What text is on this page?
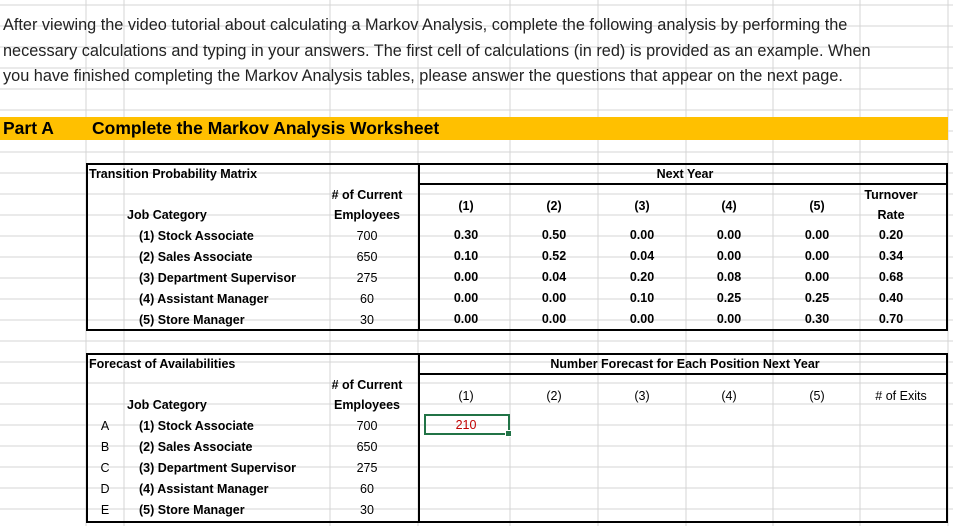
After viewing the video tutorial about calculating a Markov Analysis, complete the following analysis by performing the
necessary calculations and typing in your answers. The first cell of calculations (in red) is provided as an example. When
you have finished completing the Markov Analysis tables, please answer the questions that appear on the next page.
Part A Complete the Markov Analysis Worksheet
Transition Probability Matrix	Next Year
Job Category
# of Current
Employees
Turnover
Rate
(1)	(2)	(3)	(4)	(5)
(1) Stock Associate	700	0.30	0.50	0.00	0.00	0.00	0.20
(2) Sales Associate	650	0.10	0.52	0.04	0.00	0.00	0.34
(3) Department Supervisor	275	0.00	0.04	0.20	0.08	0.00	0.68
(4) Assistant Manager	60	0.00	0.00	0.10	0.25	0.25	0.40
(5) Store Manager	30	0.00	0.00	0.00	0.00	0.30	0.70
Forecast of Availabilities	Number Forecast for Each Position Next Year
Job Category
# of Current
Employees
(1)	(2)	(3)	(4)	(5)	# of Exits
A (1) Stock Associate	700	210
B (2) Sales Associate	650
C (3) Department Supervisor	275
D (4) Assistant Manager	60
E (5) Store Manager	30
